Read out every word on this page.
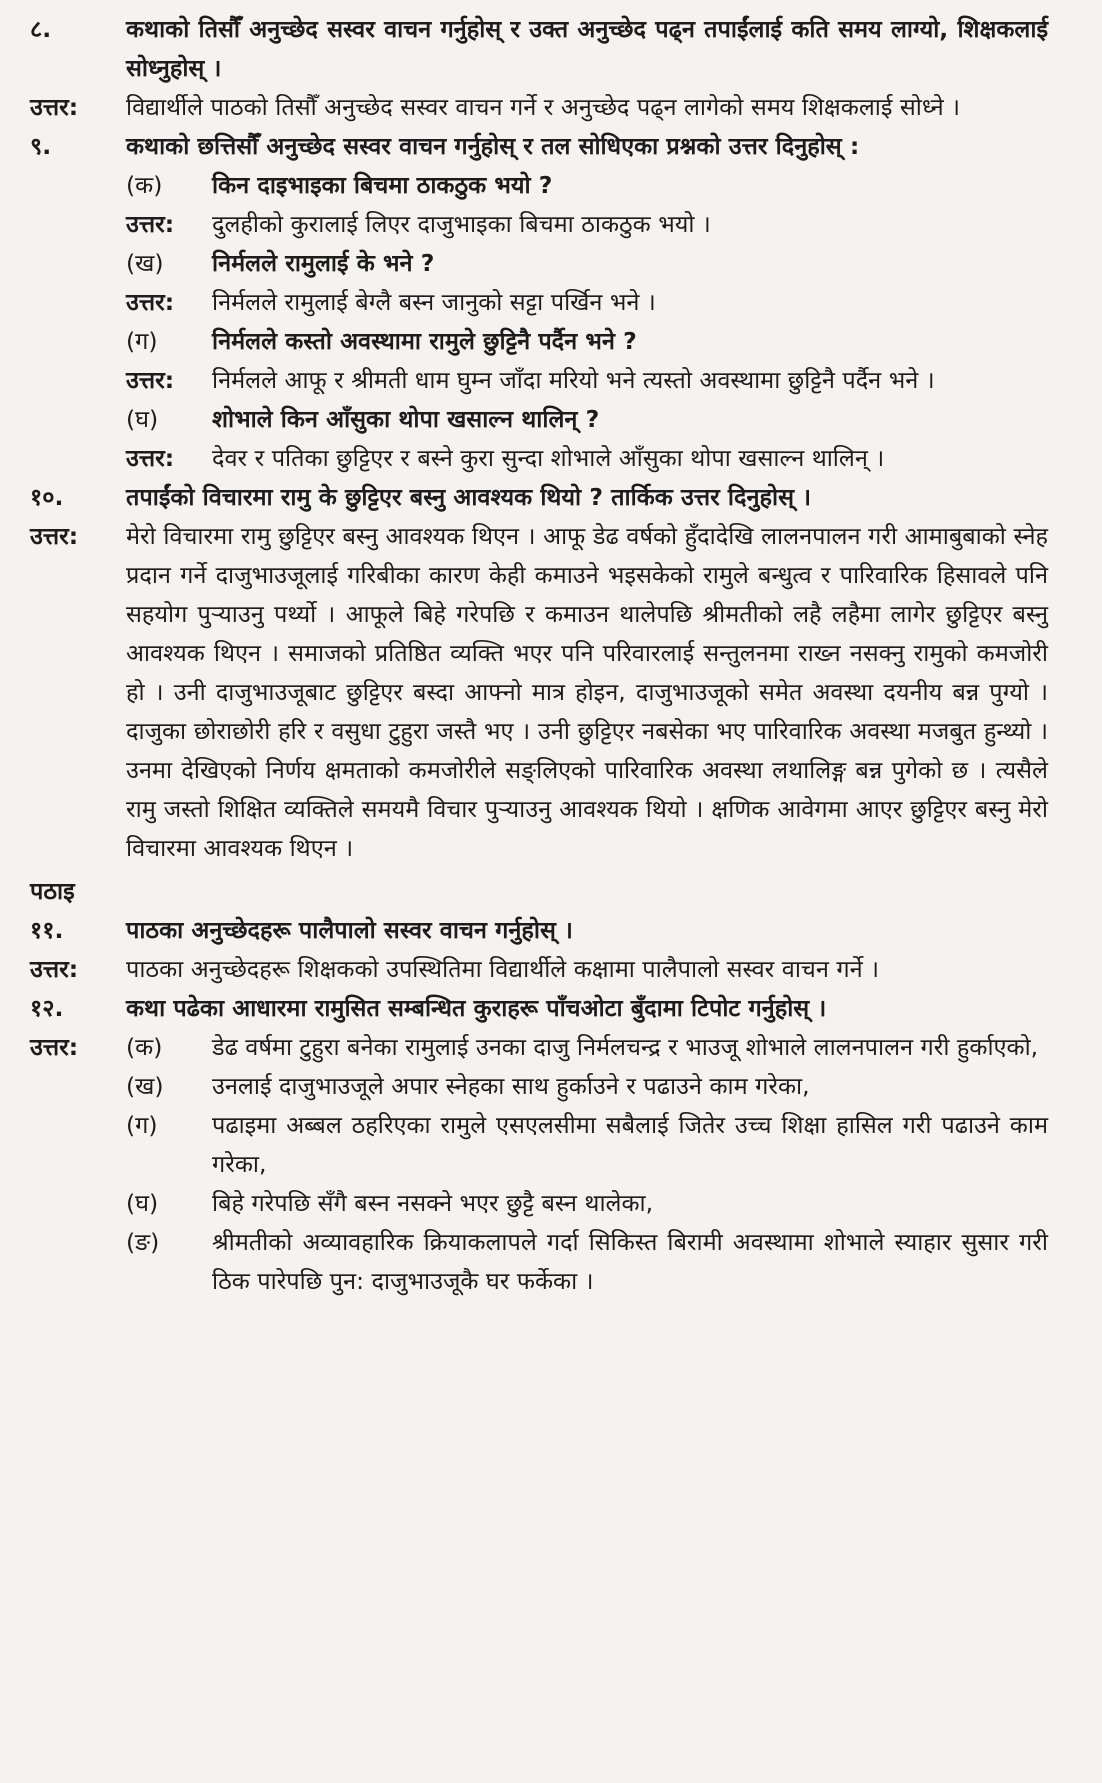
८.	कथाको तिसौँ अनुच्छेद सस्वर वाचन गर्नुहोस् र उक्त अनुच्छेद पढ्न तपाईंलाई कति समय लाग्यो, शिक्षकलाई सोध्नुहोस् ।
उत्तर:	विद्यार्थीले पाठको तिसौँ अनुच्छेद सस्वर वाचन गर्ने र अनुच्छेद पढ्न लागेको समय शिक्षकलाई सोध्ने ।
९.	कथाको छत्तिसौँ अनुच्छेद सस्वर वाचन गर्नुहोस् र तल सोधिएका प्रश्नको उत्तर दिनुहोस् :
(क)	किन दाइभाइका बिचमा ठाकठुक भयो ?
उत्तर:	दुलहीको कुरालाई लिएर दाजुभाइका बिचमा ठाकठुक भयो ।
(ख)	निर्मलले रामुलाई के भने ?
उत्तर:	निर्मलले रामुलाई बेग्लै बस्न जानुको सट्टा पर्खिन भने ।
(ग)	निर्मलले कस्तो अवस्थामा रामुले छुट्टिनै पर्दैन भने ?
उत्तर:	निर्मलले आफू र श्रीमती धाम घुम्न जाँदा मरियो भने त्यस्तो अवस्थामा छुट्टिनै पर्दैन भने ।
(घ)	शोभाले किन आँसुका थोपा खसाल्न थालिन् ?
उत्तर:	देवर र पतिका छुट्टिएर र बस्ने कुरा सुन्दा शोभाले आँसुका थोपा खसाल्न थालिन् ।
१०.	तपाईंको विचारमा रामु के छुट्टिएर बस्नु आवश्यक थियो ? तार्किक उत्तर दिनुहोस् ।
उत्तर:	मेरो विचारमा रामु छुट्टिएर बस्नु आवश्यक थिएन । आफू डेढ वर्षको हुँदादेखि लालनपालन गरी आमाबुबाको स्नेह प्रदान गर्ने दाजुभाउजूलाई गरिबीका कारण केही कमाउने भइसकेको रामुले बन्धुत्व र पारिवारिक हिसावले पनि सहयोग पुऱ्याउनु पर्थ्यो । आफूले बिहे गरेपछि र कमाउन थालेपछि श्रीमतीको लहै लहैमा लागेर छुट्टिएर बस्नु आवश्यक थिएन । समाजको प्रतिष्ठित व्यक्ति भएर पनि परिवारलाई सन्तुलनमा राख्न नसक्नु रामुको कमजोरी हो । उनी दाजुभाउजूबाट छुट्टिएर बस्दा आफ्नो मात्र होइन, दाजुभाउजूको समेत अवस्था दयनीय बन्न पुग्यो । दाजुका छोराछोरी हरि र वसुधा टुहुरा जस्तै भए । उनी छुट्टिएर नबसेका भए पारिवारिक अवस्था मजबुत हुन्थ्यो । उनमा देखिएको निर्णय क्षमताको कमजोरीले सङ्लिएको पारिवारिक अवस्था लथालिङ्ग बन्न पुगेको छ । त्यसैले रामु जस्तो शिक्षित व्यक्तिले समयमै विचार पुऱ्याउनु आवश्यक थियो । क्षणिक आवेगमा आएर छुट्टिएर बस्नु मेरो विचारमा आवश्यक थिएन ।
पठाइ
११.	पाठका अनुच्छेदहरू पालैपालो सस्वर वाचन गर्नुहोस् ।
उत्तर:	पाठका अनुच्छेदहरू शिक्षकको उपस्थितिमा विद्यार्थीले कक्षामा पालैपालो सस्वर वाचन गर्ने ।
१२.	कथा पढेका आधारमा रामुसित सम्बन्धित कुराहरू पाँचओटा बुँदामा टिपोट गर्नुहोस् ।
उत्तर:	(क)	डेढ वर्षमा टुहुरा बनेका रामुलाई उनका दाजु निर्मलचन्द्र र भाउजू शोभाले लालनपालन गरी हुर्काएको,
(ख)	उनलाई दाजुभाउजूले अपार स्नेहका साथ हुर्काउने र पढाउने काम गरेका,
(ग)	पढाइमा अब्बल ठहरिएका रामुले एसएलसीमा सबैलाई जितेर उच्च शिक्षा हासिल गरी पढाउने काम गरेका,
(घ)	बिहे गरेपछि सँगै बस्न नसक्ने भएर छुट्टै बस्न थालेका,
(ङ)	श्रीमतीको अव्यावहारिक क्रियाकलापले गर्दा सिकिस्त बिरामी अवस्थामा शोभाले स्याहार सुसार गरी ठिक पारेपछि पुन: दाजुभाउजूकै घर फर्केका ।
